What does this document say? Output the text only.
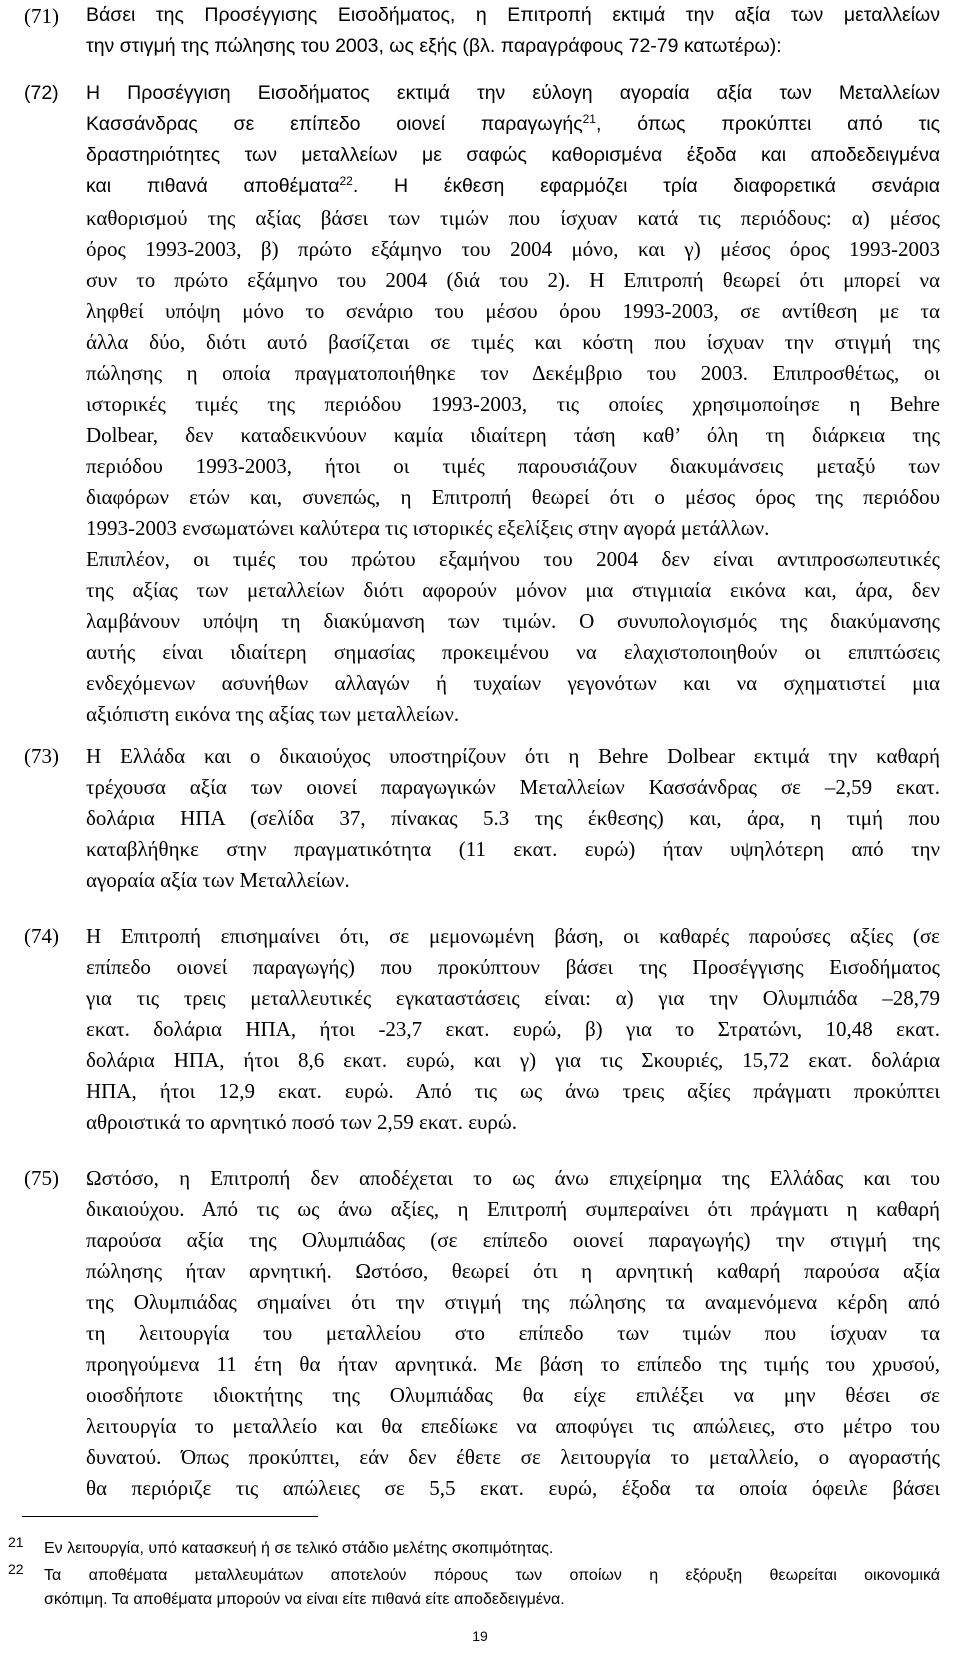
(71) Βάσει της Προσέγγισης Εισοδήματος, η Επιτροπή εκτιμά την αξία των μεταλλείων
την στιγμή της πώλησης του 2003, ως εξής (βλ. παραγράφους 72-79 κατωτέρω):
(72) Η Προσέγγιση Εισοδήματος εκτιμά την εύλογη αγοραία αξία των Μεταλλείων
Κασσάνδρας σε επίπεδο οιονεί παραγωγής$^{21}$, όπως προκύπτει από τις
δραστηριότητες των μεταλλείων με σαφώς καθορισμένα έξοδα και αποδεδειγμένα
και πιθανά αποθέματα$^{22}$. Η έκθεση εφαρμόζει τρία διαφορετικά σενάρια
καθορισμού της αξίας βάσει των τιμών που ίσχυαν κατά τις περιόδους: α) μέσος
όρος 1993-2003, β) πρώτο εξάμηνο του 2004 μόνο, και γ) μέσος όρος 1993-2003
συν το πρώτο εξάμηνο του 2004 (διά του 2). Η Επιτροπή θεωρεί ότι μπορεί να
ληφθεί υπόψη μόνο το σενάριο του μέσου όρου 1993-2003, σε αντίθεση με τα
άλλα δύο, διότι αυτό βασίζεται σε τιμές και κόστη που ίσχυαν την στιγμή της
πώλησης η οποία πραγματοποιήθηκε τον Δεκέμβριο του 2003. Επιπροσθέτως, οι
ιστορικές τιμές της περιόδου 1993-2003, τις οποίες χρησιμοποίησε η Behre
Dolbear, δεν καταδεικνύουν καμία ιδιαίτερη τάση καθ’ όλη τη διάρκεια της
περιόδου 1993-2003, ήτοι οι τιμές παρουσιάζουν διακυμάνσεις μεταξύ των
διαφόρων ετών και, συνεπώς, η Επιτροπή θεωρεί ότι ο μέσος όρος της περιόδου
1993-2003 ενσωματώνει καλύτερα τις ιστορικές εξελίξεις στην αγορά μετάλλων.
Επιπλέον, οι τιμές του πρώτου εξαμήνου του 2004 δεν είναι αντιπροσωπευτικές
της αξίας των μεταλλείων διότι αφορούν μόνον μια στιγμιαία εικόνα και, άρα, δεν
λαμβάνουν υπόψη τη διακύμανση των τιμών. Ο συνυπολογισμός της διακύμανσης
αυτής είναι ιδιαίτερη σημασίας προκειμένου να ελαχιστοποιηθούν οι επιπτώσεις
ενδεχόμενων ασυνήθων αλλαγών ή τυχαίων γεγονότων και να σχηματιστεί μια
αξιόπιστη εικόνα της αξίας των μεταλλείων.
(73) Η Ελλάδα και ο δικαιούχος υποστηρίζουν ότι η Behre Dolbear εκτιμά την καθαρή
τρέχουσα αξία των οιονεί παραγωγικών Μεταλλείων Κασσάνδρας σε –2,59 εκατ.
δολάρια ΗΠΑ (σελίδα 37, πίνακας 5.3 της έκθεσης) και, άρα, η τιμή που
καταβλήθηκε στην πραγματικότητα (11 εκατ. ευρώ) ήταν υψηλότερη από την
αγοραία αξία των Μεταλλείων.
(74) Η Επιτροπή επισημαίνει ότι, σε μεμονωμένη βάση, οι καθαρές παρούσες αξίες (σε
επίπεδο οιονεί παραγωγής) που προκύπτουν βάσει της Προσέγγισης Εισοδήματος
για τις τρεις μεταλλευτικές εγκαταστάσεις είναι: α) για την Ολυμπιάδα –28,79
εκατ. δολάρια ΗΠΑ, ήτοι -23,7 εκατ. ευρώ, β) για το Στρατώνι, 10,48 εκατ.
δολάρια ΗΠΑ, ήτοι 8,6 εκατ. ευρώ, και γ) για τις Σκουριές, 15,72 εκατ. δολάρια
ΗΠΑ, ήτοι 12,9 εκατ. ευρώ. Από τις ως άνω τρεις αξίες πράγματι προκύπτει
αθροιστικά το αρνητικό ποσό των 2,59 εκατ. ευρώ.
(75) Ωστόσο, η Επιτροπή δεν αποδέχεται το ως άνω επιχείρημα της Ελλάδας και του
δικαιούχου. Από τις ως άνω αξίες, η Επιτροπή συμπεραίνει ότι πράγματι η καθαρή
παρούσα αξία της Ολυμπιάδας (σε επίπεδο οιονεί παραγωγής) την στιγμή της
πώλησης ήταν αρνητική. Ωστόσο, θεωρεί ότι η αρνητική καθαρή παρούσα αξία
της Ολυμπιάδας σημαίνει ότι την στιγμή της πώλησης τα αναμενόμενα κέρδη από
τη λειτουργία του μεταλλείου στο επίπεδο των τιμών που ίσχυαν τα
προηγούμενα 11 έτη θα ήταν αρνητικά. Με βάση το επίπεδο της τιμής του χρυσού,
οιοσδήποτε ιδιοκτήτης της Ολυμπιάδας θα είχε επιλέξει να μην θέσει σε
λειτουργία το μεταλλείο και θα επεδίωκε να αποφύγει τις απώλειες, στο μέτρο του
δυνατού. Όπως προκύπτει, εάν δεν έθετε σε λειτουργία το μεταλλείο, ο αγοραστής
θα περιόριζε τις απώλειες σε 5,5 εκατ. ευρώ, έξοδα τα οποία όφειλε βάσει
21 Εν λειτουργία, υπό κατασκευή ή σε τελικό στάδιο μελέτης σκοπιμότητας.
22 Τα αποθέματα μεταλλευμάτων αποτελούν πόρους των οποίων η εξόρυξη θεωρείται οικονομικά
σκόπιμη. Τα αποθέματα μπορούν να είναι είτε πιθανά είτε αποδεδειγμένα.
19
